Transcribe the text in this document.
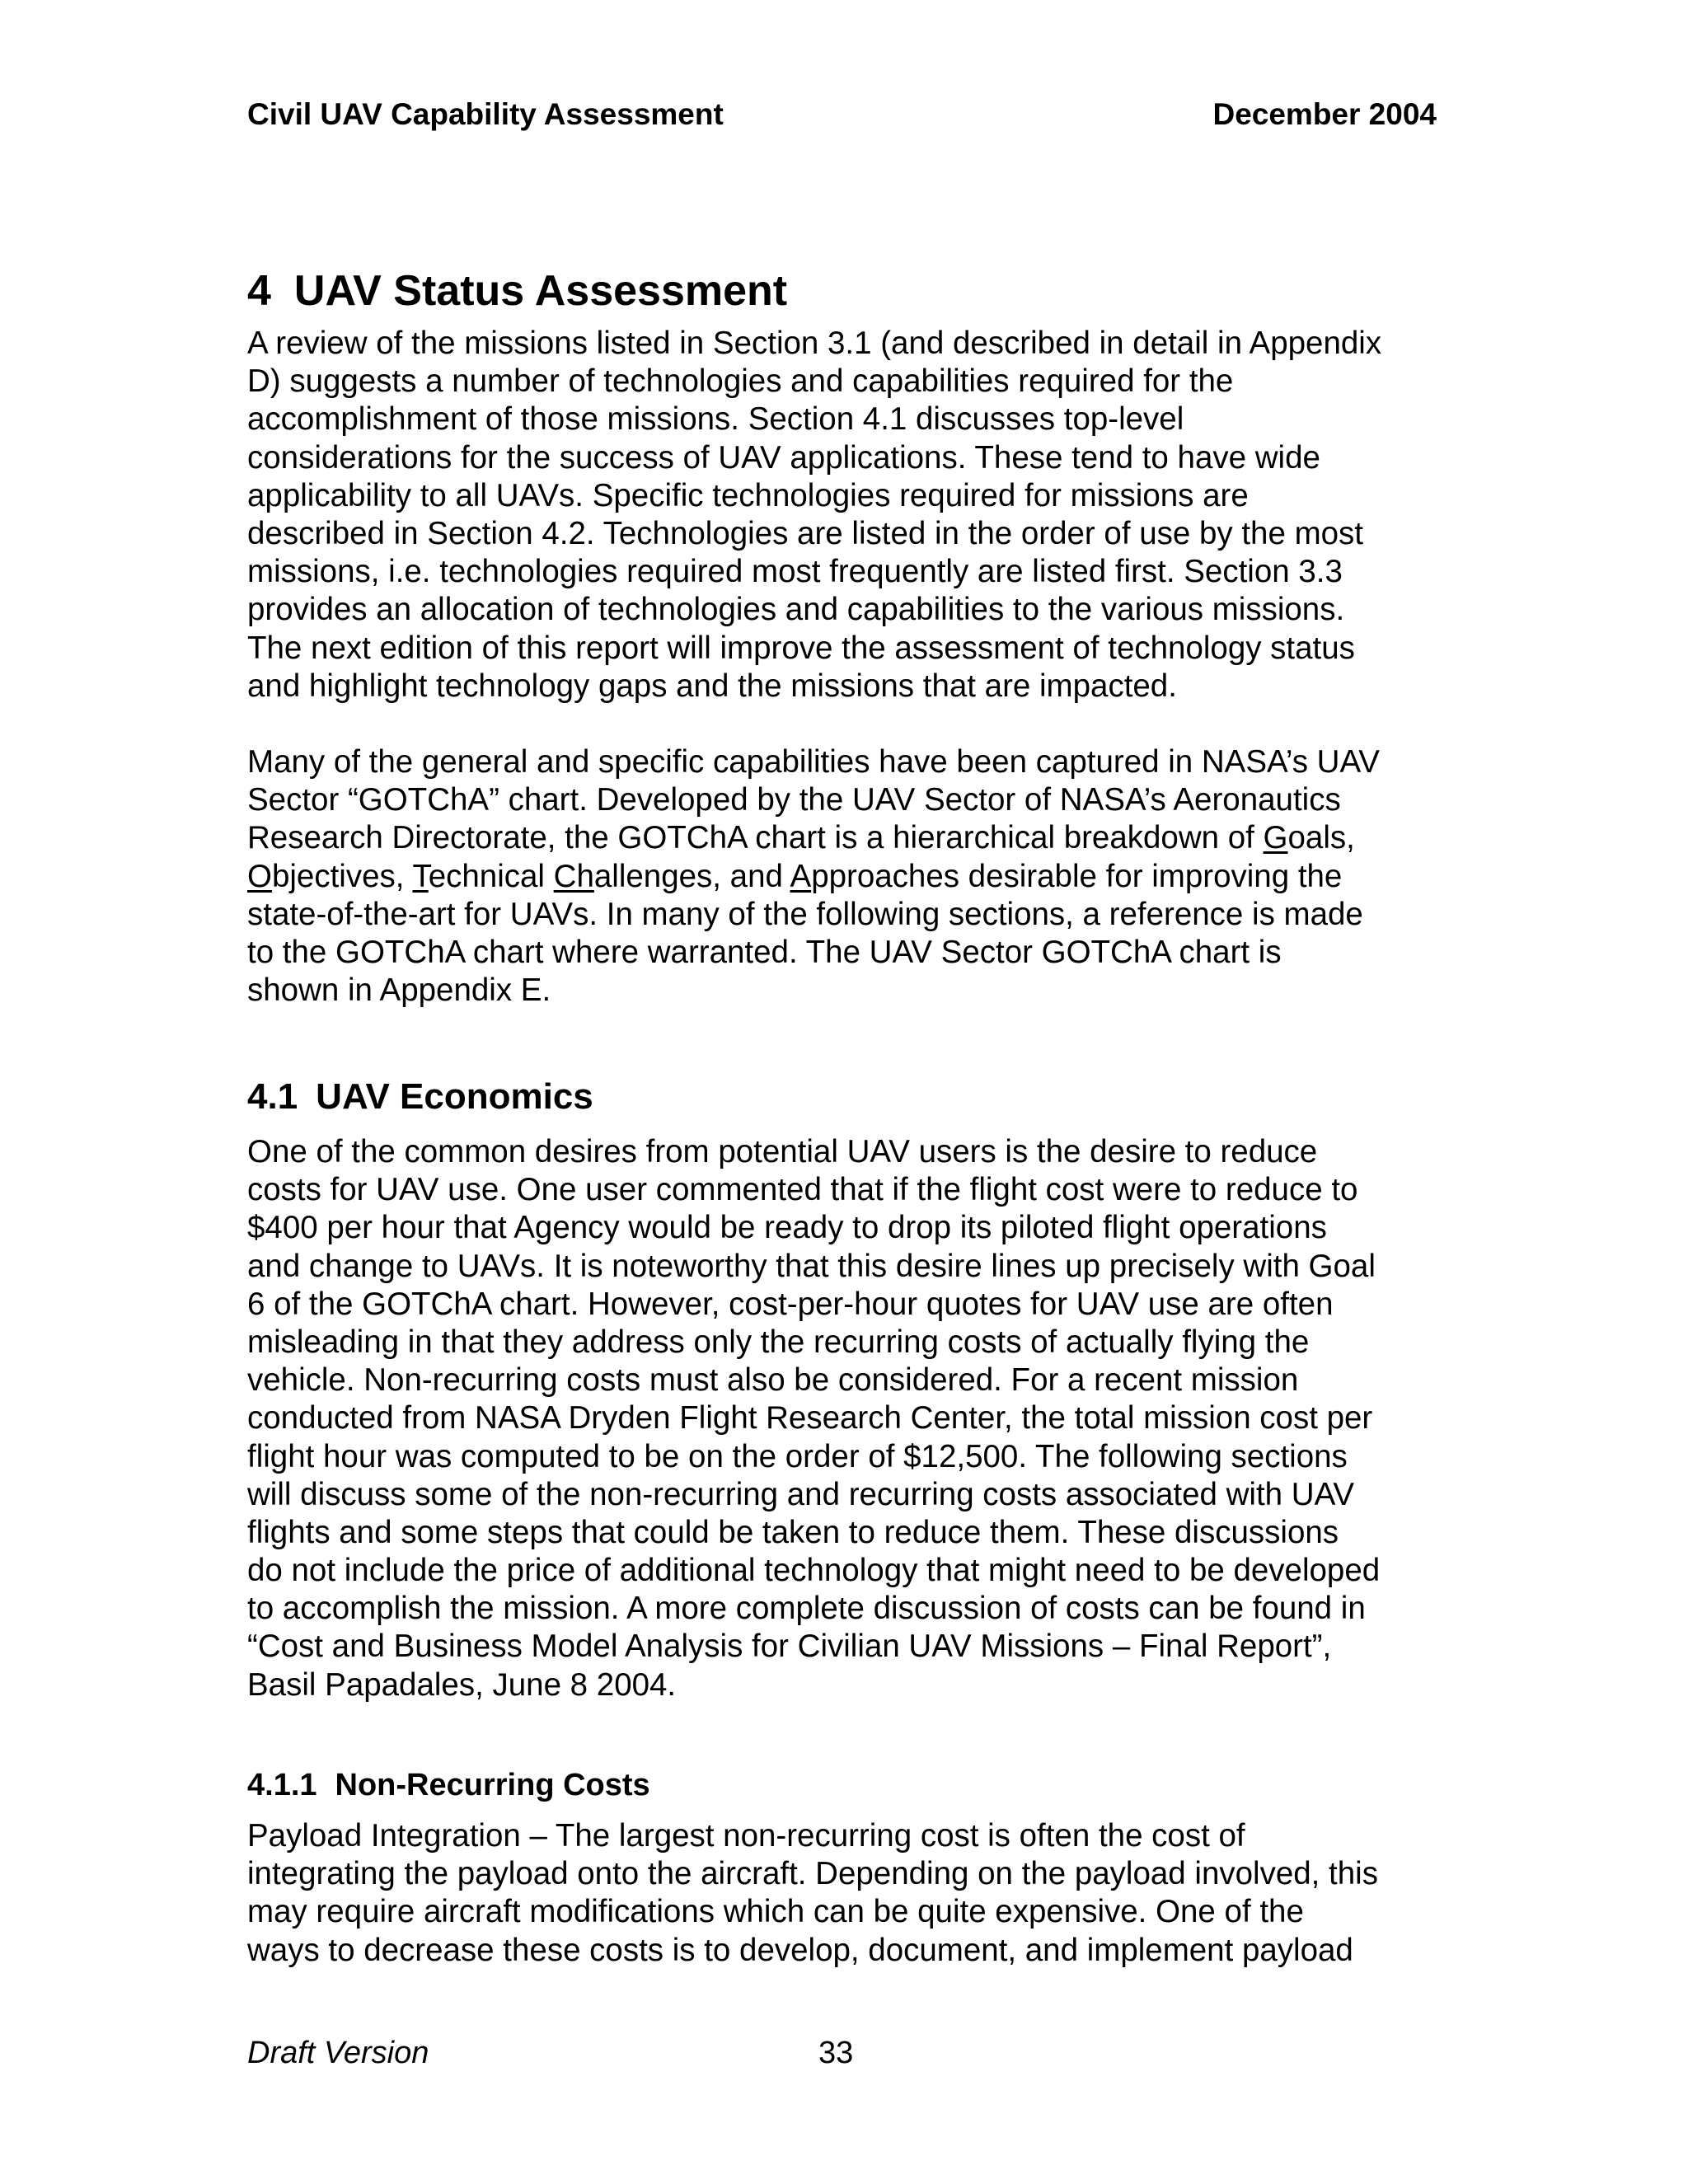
Civil UAV Capability Assessment	December 2004
4 UAV Status Assessment
A review of the missions listed in Section 3.1 (and described in detail in Appendix
D) suggests a number of technologies and capabilities required for the
accomplishment of those missions. Section 4.1 discusses top-level
considerations for the success of UAV applications. These tend to have wide
applicability to all UAVs. Specific technologies required for missions are
described in Section 4.2. Technologies are listed in the order of use by the most
missions, i.e. technologies required most frequently are listed first. Section 3.3
provides an allocation of technologies and capabilities to the various missions.
The next edition of this report will improve the assessment of technology status
and highlight technology gaps and the missions that are impacted.
Many of the general and specific capabilities have been captured in NASA’s UAV
Sector “GOTChA” chart. Developed by the UAV Sector of NASA’s Aeronautics
Research Directorate, the GOTChA chart is a hierarchical breakdown of Goals,
Objectives, Technical Challenges, and Approaches desirable for improving the
state-of-the-art for UAVs. In many of the following sections, a reference is made
to the GOTChA chart where warranted. The UAV Sector GOTChA chart is
shown in Appendix E.
4.1 UAV Economics
One of the common desires from potential UAV users is the desire to reduce
costs for UAV use. One user commented that if the flight cost were to reduce to
$400 per hour that Agency would be ready to drop its piloted flight operations
and change to UAVs. It is noteworthy that this desire lines up precisely with Goal
6 of the GOTChA chart. However, cost-per-hour quotes for UAV use are often
misleading in that they address only the recurring costs of actually flying the
vehicle. Non-recurring costs must also be considered. For a recent mission
conducted from NASA Dryden Flight Research Center, the total mission cost per
flight hour was computed to be on the order of $12,500. The following sections
will discuss some of the non-recurring and recurring costs associated with UAV
flights and some steps that could be taken to reduce them. These discussions
do not include the price of additional technology that might need to be developed
to accomplish the mission. A more complete discussion of costs can be found in
“Cost and Business Model Analysis for Civilian UAV Missions – Final Report”,
Basil Papadales, June 8 2004.
4.1.1 Non-Recurring Costs
Payload Integration – The largest non-recurring cost is often the cost of
integrating the payload onto the aircraft. Depending on the payload involved, this
may require aircraft modifications which can be quite expensive. One of the
ways to decrease these costs is to develop, document, and implement payload
Draft Version	33
